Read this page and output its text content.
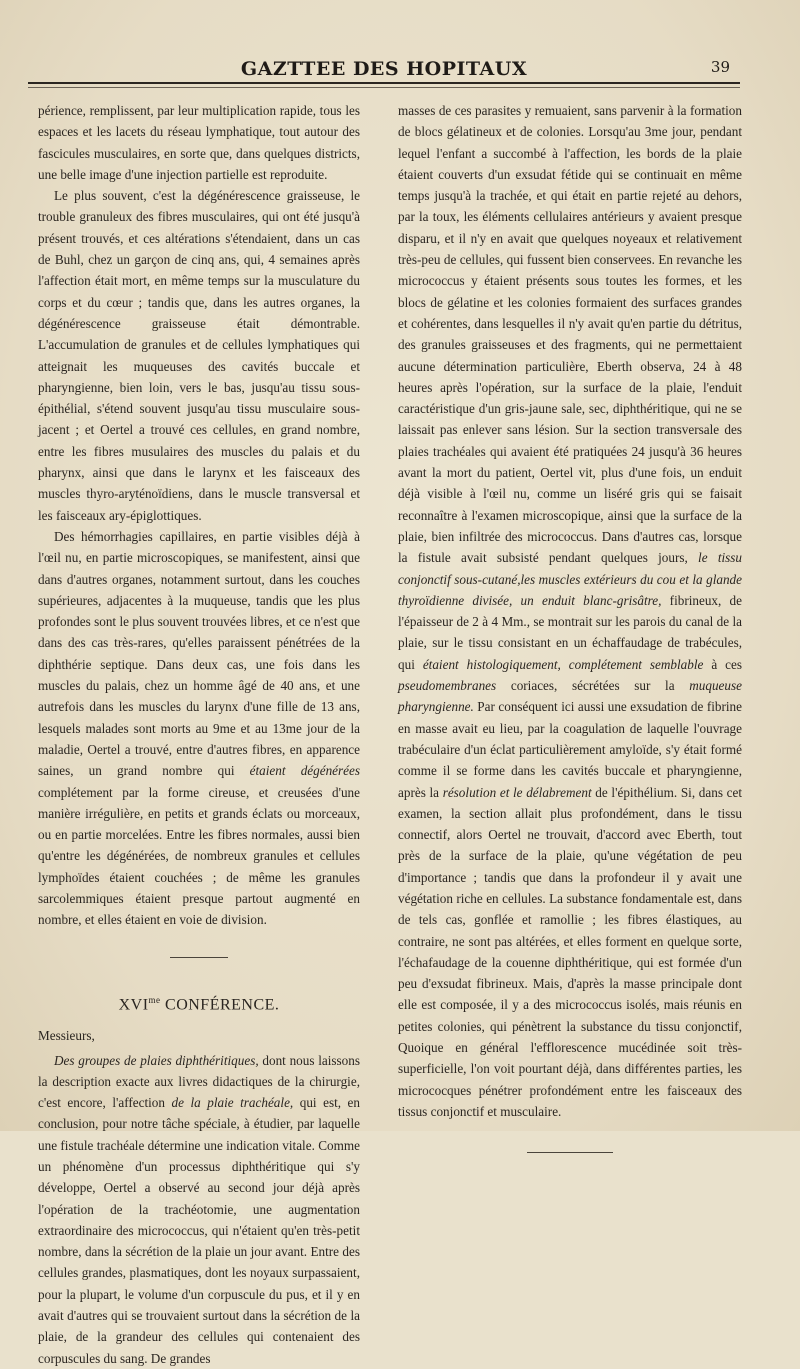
GAZTTEE DES HOPITAUX	39

périence, remplissent, par leur multiplication rapide, tous les espaces et les lacets du réseau lymphatique, tout autour des fascicules musculaires, en sorte que, dans quelques districts, une belle image d'une injection partielle est reproduite.

Le plus souvent, c'est la dégénérescence graisseuse, le trouble granuleux des fibres musculaires, qui ont été jusqu'à présent trouvés, et ces altérations s'étendaient, dans un cas de Buhl, chez un garçon de cinq ans, qui, 4 semaines après l'affection était mort, en même temps sur la musculature du corps et du cœur ; tandis que, dans les autres organes, la dégénérescence graisseuse était démontrable. L'accumulation de granules et de cellules lymphatiques qui atteignait les muqueuses des cavités buccale et pharyngienne, bien loin, vers le bas, jusqu'au tissu sous-épithélial, s'étend souvent jusqu'au tissu musculaire sous-jacent ; et Oertel a trouvé ces cellules, en grand nombre, entre les fibres musulaires des muscles du palais et du pharynx, ainsi que dans le larynx et les faisceaux des muscles thyro-aryténoïdiens, dans le muscle transversal et les faisceaux ary-épiglottiques.

Des hémorrhagies capillaires, en partie visibles déjà à l'œil nu, en partie microscopiques, se manifestent, ainsi que dans d'autres organes, notamment surtout, dans les couches supérieures, adjacentes à la muqueuse, tandis que les plus profondes sont le plus souvent trouvées libres, et ce n'est que dans des cas très-rares, qu'elles paraissent pénétrées de la diphthérie septique. Dans deux cas, une fois dans les muscles du palais, chez un homme âgé de 40 ans, et une autrefois dans les muscles du larynx d'une fille de 13 ans, lesquels malades sont morts au 9me et au 13me jour de la maladie, Oertel a trouvé, entre d'autres fibres, en apparence saines, un grand nombre qui étaient dégénérées complétement par la forme cireuse, et creusées d'une manière irrégulière, en petits et grands éclats ou morceaux, ou en partie morcelées. Entre les fibres normales, aussi bien qu'entre les dégénérées, de nombreux granules et cellules lymphoïdes étaient couchées ; de même les granules sarcolemmiques étaient presque partout augmenté en nombre, et elles étaient en voie de division.

$XVI^{me}$ CONFÉRENCE.

Messieurs,

Des groupes de plaies diphthéritiques, dont nous laissons la description exacte aux livres didactiques de la chirurgie, c'est encore, l'affection de la plaie trachéale, qui est, en conclusion, pour notre tâche spéciale, à étudier, par laquelle une fistule trachéale détermine une indication vitale. Comme un phénomène d'un processus diphthéritique qui s'y développe, Oertel a observé au second jour déjà après l'opération de la trachéotomie, une augmentation extraordinaire des micrococcus, qui n'étaient qu'en très-petit nombre, dans la sécrétion de la plaie un jour avant. Entre des cellules grandes, plasmatiques, dont les noyaux surpassaient, pour la plupart, le volume d'un corpuscule du pus, et il y en avait d'autres qui se trouvaient surtout dans la sécrétion de la plaie, de la grandeur des cellules qui contenaient des corpuscules du sang. De grandes

masses de ces parasites y remuaient, sans parvenir à la formation de blocs gélatineux et de colonies. Lorsqu'au 3me jour, pendant lequel l'enfant a succombé à l'affection, les bords de la plaie étaient couverts d'un exsudat fétide qui se continuait en même temps jusqu'à la trachée, et qui était en partie rejeté au dehors, par la toux, les éléments cellulaires antérieurs y avaient presque disparu, et il n'y en avait que quelques noyeaux et relativement très-peu de cellules, qui fussent bien conservees. En revanche les micrococcus y étaient présents sous toutes les formes, et les blocs de gélatine et les colonies formaient des surfaces grandes et cohérentes, dans lesquelles il n'y avait qu'en partie du détritus, des granules graisseuses et des fragments, qui ne permettaient aucune détermination particulière, Eberth observa, 24 à 48 heures après l'opération, sur la surface de la plaie, l'enduit caractéristique d'un gris-jaune sale, sec, diphthéritique, qui ne se laissait pas enlever sans lésion. Sur la section transversale des plaies trachéales qui avaient été pratiquées 24 jusqu'à 36 heures avant la mort du patient, Oertel vit, plus d'une fois, un enduit déjà visible à l'œil nu, comme un liséré gris qui se faisait reconnaître à l'examen microscopique, ainsi que la surface de la plaie, bien infiltrée des micrococcus. Dans d'autres cas, lorsque la fistule avait subsisté pendant quelques jours, le tissu conjonctif sous-cutané,les muscles extérieurs du cou et la glande thyroïdienne divisée, un enduit blanc-grisâtre, fibrineux, de l'épaisseur de 2 à 4 Mm., se montrait sur les parois du canal de la plaie, sur le tissu consistant en un échaffaudage de trabécules, qui étaient histologiquement, complétement semblable à ces pseudomembranes coriaces, sécrétées sur la muqueuse pharyngienne. Par conséquent ici aussi une exsudation de fibrine en masse avait eu lieu, par la coagulation de laquelle l'ouvrage trabéculaire d'un éclat particulièrement amyloïde, s'y était formé comme il se forme dans les cavités buccale et pharyngienne, après la résolution et le délabrement de l'épithélium. Si, dans cet examen, la section allait plus profondément, dans le tissu connectif, alors Oertel ne trouvait, d'accord avec Eberth, tout près de la surface de la plaie, qu'une végétation de peu d'importance ; tandis que dans la profondeur il y avait une végétation riche en cellules. La substance fondamentale est, dans de tels cas, gonflée et ramollie ; les fibres élastiques, au contraire, ne sont pas altérées, et elles forment en quelque sorte, l'échafaudage de la couenne diphthéritique, qui est formée d'un peu d'exsudat fibrineux. Mais, d'après la masse principale dont elle est composée, il y a des micrococcus isolés, mais réunis en petites colonies, qui pénètrent la substance du tissu conjonctif, Quoique en général l'efflorescence mucédinée soit très-superficielle, l'on voit pourtant déjà, dans différentes parties, les micrococques pénétrer profondément entre les faisceaux des tissus conjonctif et musculaire.
